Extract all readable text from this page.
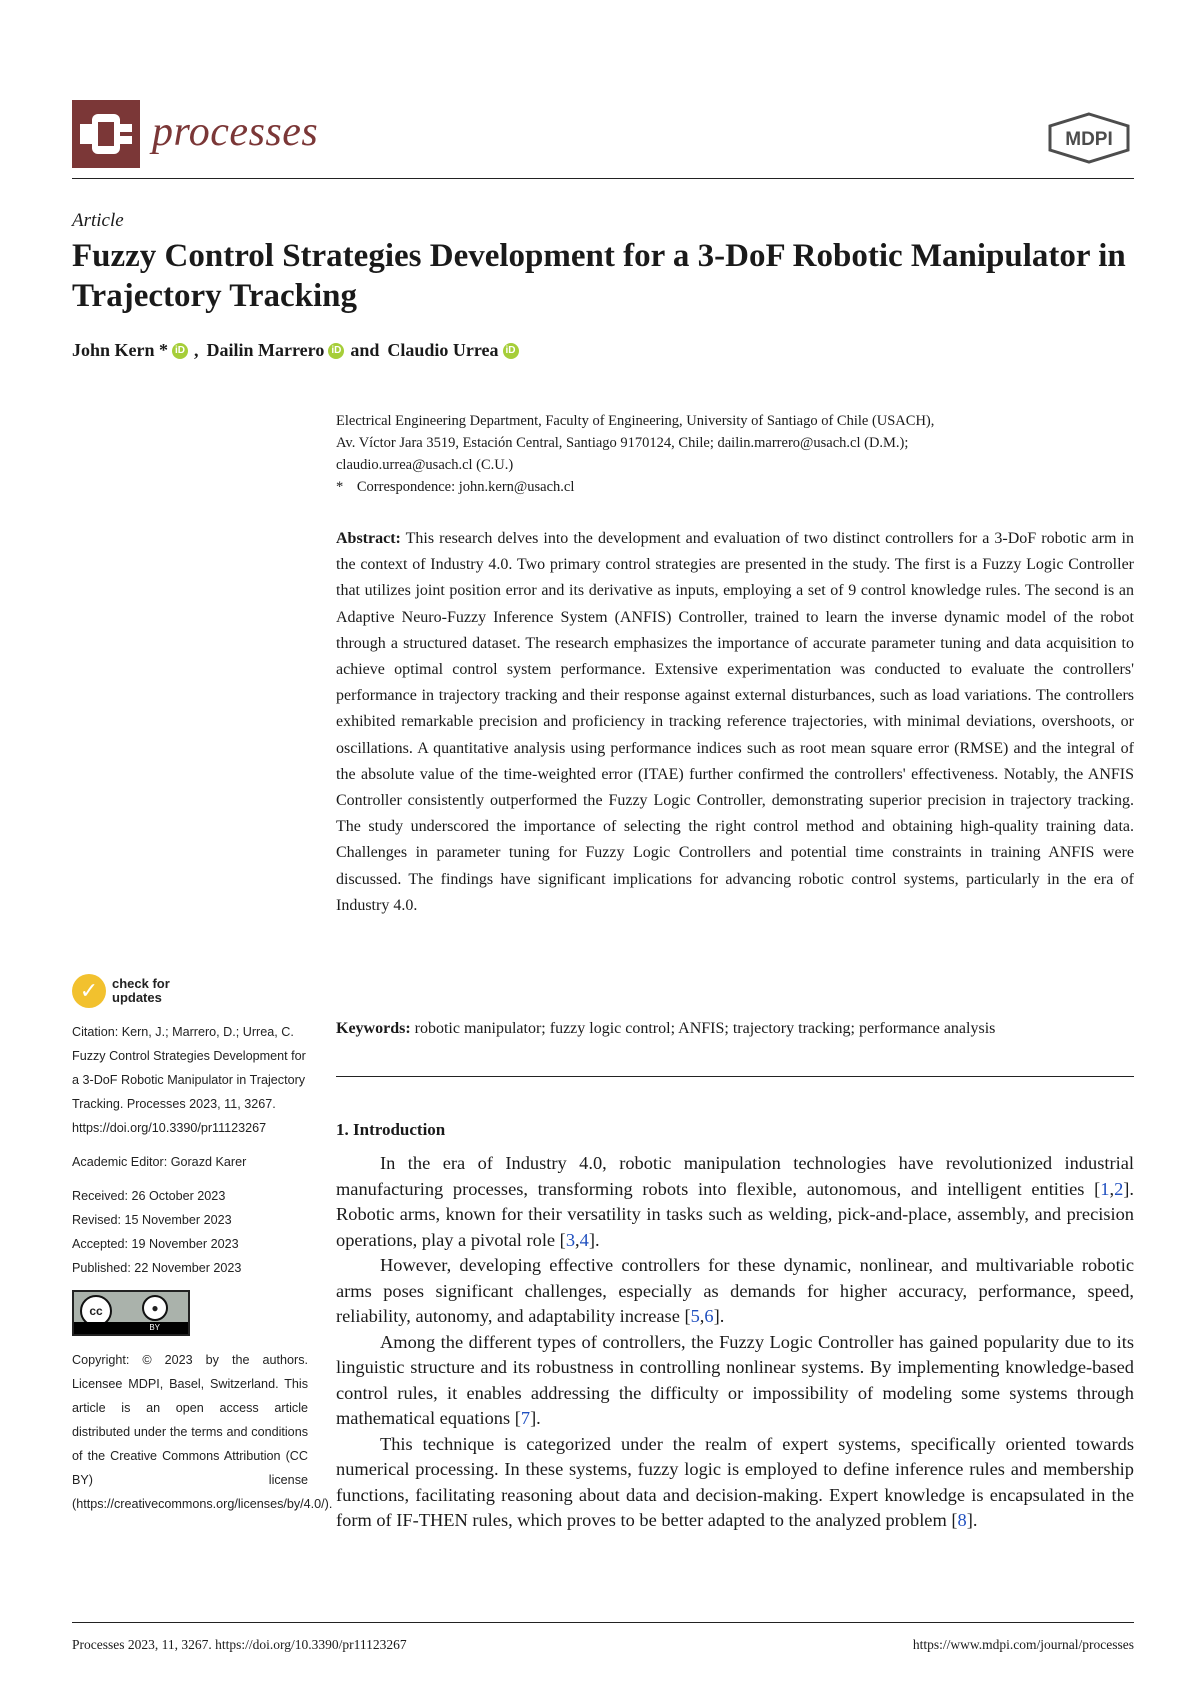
processes	MDPI
Article
Fuzzy Control Strategies Development for a 3-DoF Robotic Manipulator in Trajectory Tracking
John Kern * iD , Dailin Marrero iD and Claudio Urrea iD
Electrical Engineering Department, Faculty of Engineering, University of Santiago of Chile (USACH),
Av. Víctor Jara 3519, Estación Central, Santiago 9170124, Chile; dailin.marrero@usach.cl (D.M.);
claudio.urrea@usach.cl (C.U.)
* Correspondence: john.kern@usach.cl
Abstract: This research delves into the development and evaluation of two distinct controllers for a 3-DoF robotic arm in the context of Industry 4.0. Two primary control strategies are presented in the study. The first is a Fuzzy Logic Controller that utilizes joint position error and its derivative as inputs, employing a set of 9 control knowledge rules. The second is an Adaptive Neuro-Fuzzy Inference System (ANFIS) Controller, trained to learn the inverse dynamic model of the robot through a structured dataset. The research emphasizes the importance of accurate parameter tuning and data acquisition to achieve optimal control system performance. Extensive experimentation was conducted to evaluate the controllers' performance in trajectory tracking and their response against external disturbances, such as load variations. The controllers exhibited remarkable precision and proficiency in tracking reference trajectories, with minimal deviations, overshoots, or oscillations. A quantitative analysis using performance indices such as root mean square error (RMSE) and the integral of the absolute value of the time-weighted error (ITAE) further confirmed the controllers' effectiveness. Notably, the ANFIS Controller consistently outperformed the Fuzzy Logic Controller, demonstrating superior precision in trajectory tracking. The study underscored the importance of selecting the right control method and obtaining high-quality training data. Challenges in parameter tuning for Fuzzy Logic Controllers and potential time constraints in training ANFIS were discussed. The findings have significant implications for advancing robotic control systems, particularly in the era of Industry 4.0.
Keywords: robotic manipulator; fuzzy logic control; ANFIS; trajectory tracking; performance analysis
1. Introduction

In the era of Industry 4.0, robotic manipulation technologies have revolutionized industrial manufacturing processes, transforming robots into flexible, autonomous, and intelligent entities [1,2]. Robotic arms, known for their versatility in tasks such as welding, pick-and-place, assembly, and precision operations, play a pivotal role [3,4].

However, developing effective controllers for these dynamic, nonlinear, and multivariable robotic arms poses significant challenges, especially as demands for higher accuracy, performance, speed, reliability, autonomy, and adaptability increase [5,6].

Among the different types of controllers, the Fuzzy Logic Controller has gained popularity due to its linguistic structure and its robustness in controlling nonlinear systems. By implementing knowledge-based control rules, it enables addressing the difficulty or impossibility of modeling some systems through mathematical equations [7].

This technique is categorized under the realm of expert systems, specifically oriented towards numerical processing. In these systems, fuzzy logic is employed to define inference rules and membership functions, facilitating reasoning about data and decision-making. Expert knowledge is encapsulated in the form of IF-THEN rules, which proves to be better adapted to the analyzed problem [8].

✓	check for
updates
Citation: Kern, J.; Marrero, D.; Urrea, C. Fuzzy Control Strategies Development for a 3-DoF Robotic Manipulator in Trajectory Tracking. Processes 2023, 11, 3267. https://doi.org/10.3390/pr11123267
Academic Editor: Gorazd Karer
Received: 26 October 2023
Revised: 15 November 2023
Accepted: 19 November 2023
Published: 22 November 2023
cc	●
BY
Copyright: © 2023 by the authors. Licensee MDPI, Basel, Switzerland. This article is an open access article distributed under the terms and conditions of the Creative Commons Attribution (CC BY) license (https://creativecommons.org/licenses/by/4.0/).
Processes 2023, 11, 3267. https://doi.org/10.3390/pr11123267	https://www.mdpi.com/journal/processes
